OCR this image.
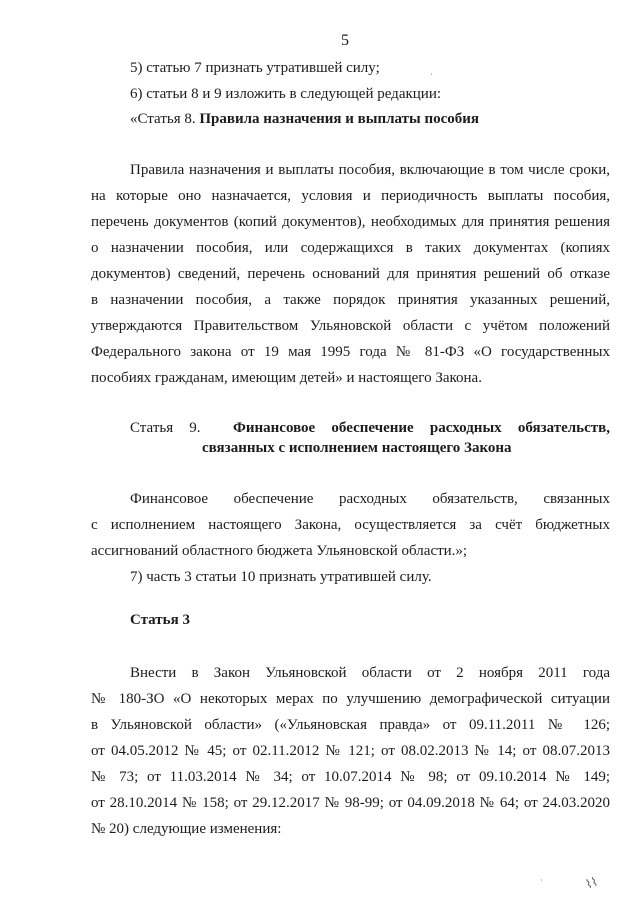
5
5) статью 7 признать утратившей силу;
6) статьи 8 и 9 изложить в следующей редакции:
«Статья 8. Правила назначения и выплаты пособия
Правила назначения и выплаты пособия, включающие в том числе сроки,
на которые оно назначается, условия и периодичность выплаты пособия,
перечень документов (копий документов), необходимых для принятия решения
о назначении пособия, или содержащихся в таких документах (копиях
документов) сведений, перечень оснований для принятия решений об отказе
в назначении пособия, а также порядок принятия указанных решений,
утверждаются Правительством Ульяновской области с учётом положений
Федерального закона от 19 мая 1995 года № 81-ФЗ «О государственных
пособиях гражданам, имеющим детей» и настоящего Закона.
Статья 9. Финансовое обеспечение расходных обязательств,
связанных с исполнением настоящего Закона
Финансовое обеспечение расходных обязательств, связанных
с исполнением настоящего Закона, осуществляется за счёт бюджетных
ассигнований областного бюджета Ульяновской области.»;
7) часть 3 статьи 10 признать утратившей силу.
Статья 3
Внести в Закон Ульяновской области от 2 ноября 2011 года
№ 180-ЗО «О некоторых мерах по улучшению демографической ситуации
в Ульяновской области» («Ульяновская правда» от 09.11.2011 № 126;
от 04.05.2012 № 45; от 02.11.2012 № 121; от 08.02.2013 № 14; от 08.07.2013
№ 73; от 11.03.2014 № 34; от 10.07.2014 № 98; от 09.10.2014 № 149;
от 28.10.2014 № 158; от 29.12.2017 № 98-99; от 04.09.2018 № 64; от 24.03.2020
№ 20) следующие изменения:
⌇⌇
·
·
